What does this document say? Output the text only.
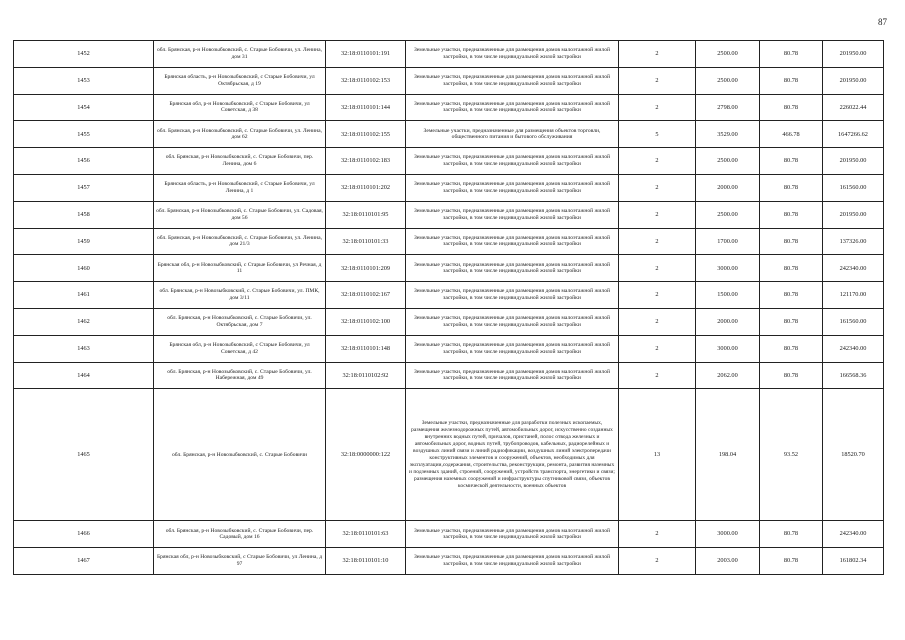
87
1452	обл. Брянская, р-н Новозыбковский, с. Старые Бобовичи, ул. Ленина, дом 31	32:18:0110101:191	Земельные участки, предназначенные для размещения домов малоэтажной жилой застройки, в том числе индивидуальной жилой застройки	2	2500.00	80.78	201950.00
1453	Брянская область, р-н Новозыбковский, с Старые Бобовичи, ул Октябрьская, д 19	32:18:0110102:153	Земельные участки, предназначенные для размещения домов малоэтажной жилой застройки, в том числе индивидуальной жилой застройки	2	2500.00	80.78	201950.00
1454	Брянская обл, р-н Новозыбковский, с Старые Бобовичи, ул Советская, д 38	32:18:0110101:144	Земельные участки, предназначенные для размещения домов малоэтажной жилой застройки, в том числе индивидуальной жилой застройки	2	2798.00	80.78	226022.44
1455	обл. Брянская, р-н Новозыбковский, с. Старые Бобовичи, ул. Ленина, дом 62	32:18:0110102:155	Земельные участки, предназначенные для размещения объектов торговли, общественного питания и бытового обслуживания	5	3529.00	466.78	1647266.62
1456	обл. Брянская, р-н Новозыбковский, с. Старые Бобовичи, пер. Ленина, дом 6	32:18:0110102:183	Земельные участки, предназначенные для размещения домов малоэтажной жилой застройки, в том числе индивидуальной жилой застройки	2	2500.00	80.78	201950.00
1457	Брянская область, р-н Новозыбковский, с Старые Бобовичи, ул Ленина, д 1	32:18:0110101:202	Земельные участки, предназначенные для размещения домов малоэтажной жилой застройки, в том числе индивидуальной жилой застройки	2	2000.00	80.78	161560.00
1458	обл. Брянская, р-н Новозыбковский, с. Старые Бобовичи, ул. Садовая, дом 56	32:18:0110101:95	Земельные участки, предназначенные для размещения домов малоэтажной жилой застройки, в том числе индивидуальной жилой застройки	2	2500.00	80.78	201950.00
1459	обл. Брянская, р-н Новозыбковский, с. Старые Бобовичи, ул. Ленина, дом 21/3	32:18:0110101:33	Земельные участки, предназначенные для размещения домов малоэтажной жилой застройки, в том числе индивидуальной жилой застройки	2	1700.00	80.78	137326.00
1460	Брянская обл, р-н Новозыбковский, с Старые Бобовичи, ул Речная, д 11	32:18:0110101:209	Земельные участки, предназначенные для размещения домов малоэтажной жилой застройки, в том числе индивидуальной жилой застройки	2	3000.00	80.78	242340.00
1461	обл. Брянская, р-н Новозыбковский, с. Старые Бобовичи, ул. ПМК, дом 3/11	32:18:0110102:167	Земельные участки, предназначенные для размещения домов малоэтажной жилой застройки, в том числе индивидуальной жилой застройки	2	1500.00	80.78	121170.00
1462	обл. Брянская, р-н Новозыбковский, с. Старые Бобовичи, ул. Октябрьская, дом 7	32:18:0110102:100	Земельные участки, предназначенные для размещения домов малоэтажной жилой застройки, в том числе индивидуальной жилой застройки	2	2000.00	80.78	161560.00
1463	Брянская обл, р-н Новозыбковский, с Старые Бобовичи, ул Советская, д 42	32:18:0110101:148	Земельные участки, предназначенные для размещения домов малоэтажной жилой застройки, в том числе индивидуальной жилой застройки	2	3000.00	80.78	242340.00
1464	обл. Брянская, р-н Новозыбковский, с. Старые Бобовичи, ул. Набережная, дом 49	32:18:0110102:92	Земельные участки, предназначенные для размещения домов малоэтажной жилой застройки, в том числе индивидуальной жилой застройки	2	2062.00	80.78	166568.36
1465	обл. Брянская, р-н Новозыбковский, с. Старые Бобовичи	32:18:0000000:122	Земельные участки, предназначенные для разработки полезных ископаемых, размещения железнодорожных путей, автомобильных дорог, искусственно созданных внутренних водных путей, причалов, пристаней, полос отвода железных и автомобильных дорог, водных путей, трубопроводов, кабельных, радиорелейных и воздушных линий связи и линий радиофикации, воздушных линий электропередачи конструктивных элементов и сооружений, объектов, необходимых для эксплуатации,содержания, строительства, реконструкции, ремонта, развития наземных и подземных зданий, строений, сооружений, устройств транспорта, энергетики и связи; размещения наземных сооружений и инфраструктуры спутниковой связи, объектов космической деятельности, военных объектов	13	198.04	93.52	18520.70
1466	обл. Брянская, р-н Новозыбковский, с. Старые Бобовичи, пер. Садовый, дом 16	32:18:0110101:63	Земельные участки, предназначенные для размещения домов малоэтажной жилой застройки, в том числе индивидуальной жилой застройки	2	3000.00	80.78	242340.00
1467	Брянская обл, р-н Новозыбковский, с Старые Бобовичи, ул Ленина, д 97	32:18:0110101:10	Земельные участки, предназначенные для размещения домов малоэтажной жилой застройки, в том числе индивидуальной жилой застройки	2	2003.00	80.78	161802.34
